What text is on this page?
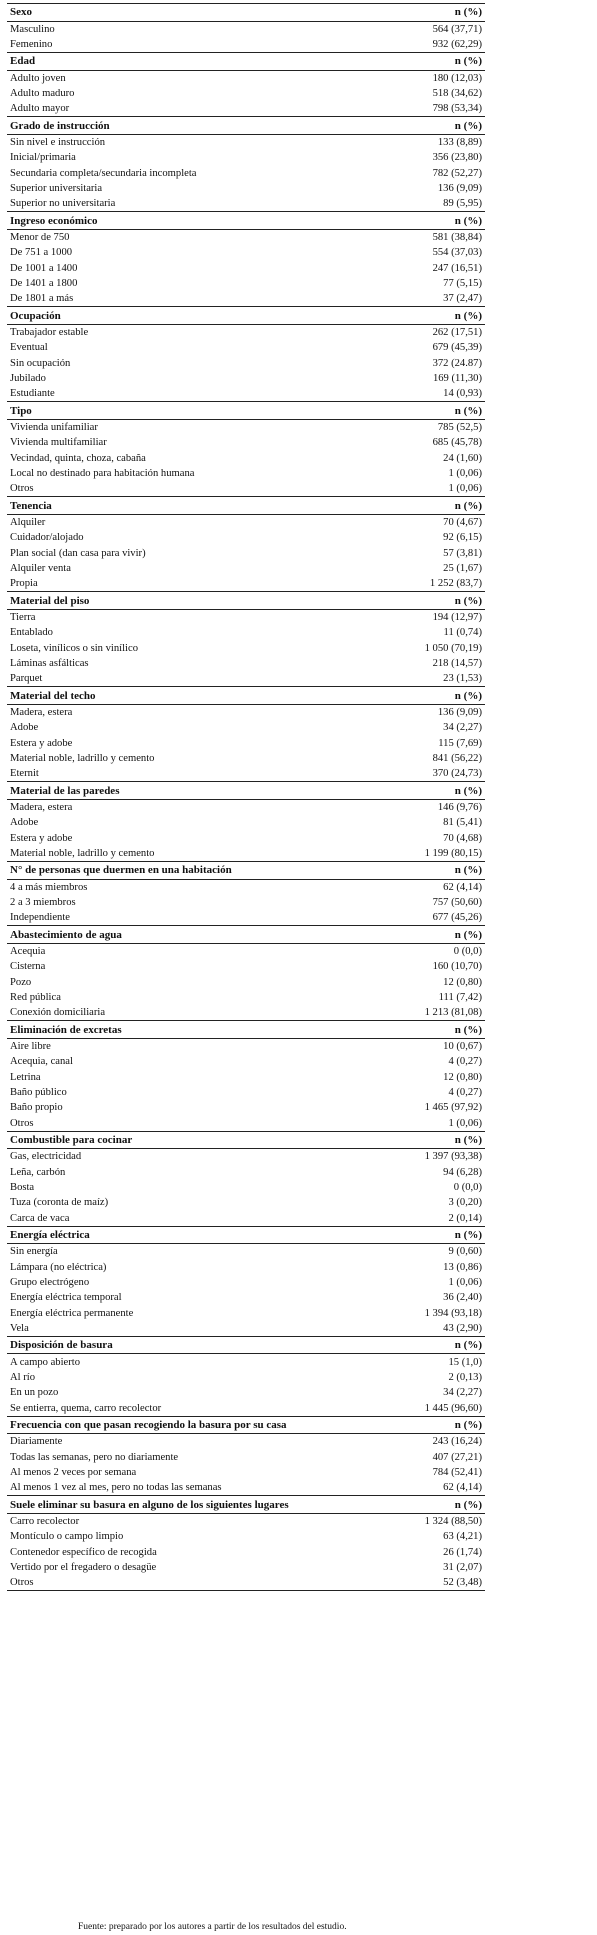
Sexo	n (%)
Masculino	564 (37,71)
Femenino	932 (62,29)
Edad	n (%)
Adulto joven	180 (12,03)
Adulto maduro	518 (34,62)
Adulto mayor	798 (53,34)
Grado de instrucción	n (%)
Sin nivel e instrucción	133 (8,89)
Inicial/primaria	356 (23,80)
Secundaria completa/secundaria incompleta	782 (52,27)
Superior universitaria	136 (9,09)
Superior no universitaria	89 (5,95)
Ingreso económico	n (%)
Menor de 750	581 (38,84)
De 751 a 1000	554 (37,03)
De 1001 a 1400	247 (16,51)
De 1401 a 1800	77 (5,15)
De 1801 a más	37 (2,47)
Ocupación	n (%)
Trabajador estable	262 (17,51)
Eventual	679 (45,39)
Sin ocupación	372 (24.87)
Jubilado	169 (11,30)
Estudiante	14 (0,93)
Tipo	n (%)
Vivienda unifamiliar	785 (52,5)
Vivienda multifamiliar	685 (45,78)
Vecindad, quinta, choza, cabaña	24 (1,60)
Local no destinado para habitación humana	1 (0,06)
Otros	1 (0,06)
Tenencia	n (%)
Alquiler	70 (4,67)
Cuidador/alojado	92 (6,15)
Plan social (dan casa para vivir)	57 (3,81)
Alquiler venta	25 (1,67)
Propia	1 252 (83,7)
Material del piso	n (%)
Tierra	194 (12,97)
Entablado	11 (0,74)
Loseta, vinílicos o sin vinílico	1 050 (70,19)
Láminas asfálticas	218 (14,57)
Parquet	23 (1,53)
Material del techo	n (%)
Madera, estera	136 (9,09)
Adobe	34 (2,27)
Estera y adobe	115 (7,69)
Material noble, ladrillo y cemento	841 (56,22)
Eternit	370 (24,73)
Material de las paredes	n (%)
Madera, estera	146 (9,76)
Adobe	81 (5,41)
Estera y adobe	70 (4,68)
Material noble, ladrillo y cemento	1 199 (80,15)
N° de personas que duermen en una habitación	n (%)
4 a más miembros	62 (4,14)
2 a 3 miembros	757 (50,60)
Independiente	677 (45,26)
Abastecimiento de agua	n (%)
Acequia	0 (0,0)
Cisterna	160 (10,70)
Pozo	12 (0,80)
Red pública	111 (7,42)
Conexión domiciliaria	1 213 (81,08)
Eliminación de excretas	n (%)
Aire libre	10 (0,67)
Acequia, canal	4 (0,27)
Letrina	12 (0,80)
Baño público	4 (0,27)
Baño propio	1 465 (97,92)
Otros	1 (0,06)
Combustible para cocinar	n (%)
Gas, electricidad	1 397 (93,38)
Leña, carbón	94 (6,28)
Bosta	0 (0,0)
Tuza (coronta de maíz)	3 (0,20)
Carca de vaca	2 (0,14)
Energía eléctrica	n (%)
Sin energía	9 (0,60)
Lámpara (no eléctrica)	13 (0,86)
Grupo electrógeno	1 (0,06)
Energía eléctrica temporal	36 (2,40)
Energía eléctrica permanente	1 394 (93,18)
Vela	43 (2,90)
Disposición de basura	n (%)
A campo abierto	15 (1,0)
Al río	2 (0,13)
En un pozo	34 (2,27)
Se entierra, quema, carro recolector	1 445 (96,60)
Frecuencia con que pasan recogiendo la basura por su casa	n (%)
Diariamente	243 (16,24)
Todas las semanas, pero no diariamente	407 (27,21)
Al menos 2 veces por semana	784 (52,41)
Al menos 1 vez al mes, pero no todas las semanas	62 (4,14)
Suele eliminar su basura en alguno de los siguientes lugares	n (%)
Carro recolector	1 324 (88,50)
Montículo o campo limpio	63 (4,21)
Contenedor específico de recogida	26 (1,74)
Vertido por el fregadero o desagüe	31 (2,07)
Otros	52 (3,48)
Fuente: preparado por los autores a partir de los resultados del estudio.
